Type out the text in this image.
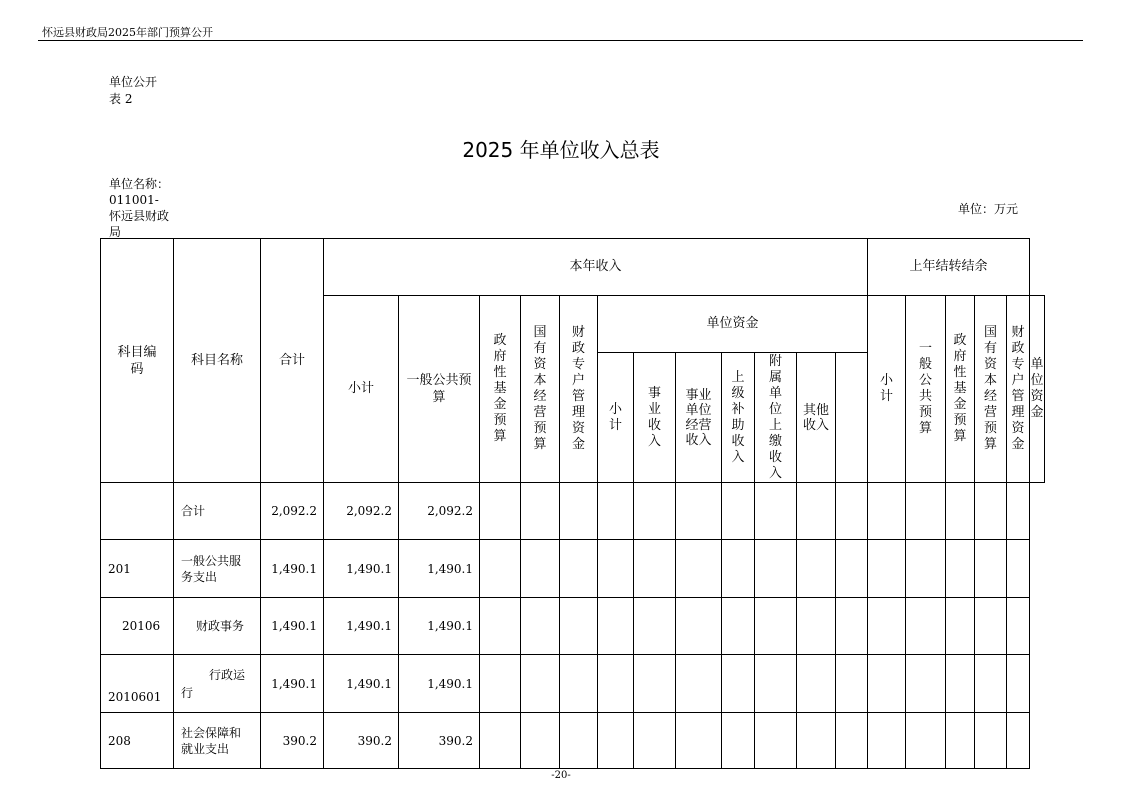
怀远县财政局2025年部门预算公开
单位公开
表 2
2025 年单位收入总表
单位名称：011001-怀远县财政局
单位：万元
科目编码	科目名称	合计	本年收入												上年结转结余					
			小计	一般公共预算	政府性基金预算	国有资本经营预算	财政专户管理资金	单位资金							小计	一般公共预算	政府性基金预算	国有资本经营预算	财政专户管理资金	单位资金

								小计	事业收入	事业单位经营收入	上级补助收入	附属单位上缴收入	其他收入							

	合计	2,092.2	2,092.2	2,092.2																
201	一般公共服务支出	1,490.1	1,490.1	1,490.1																
20106	财政事务	1,490.1	1,490.1	1,490.1																
2010601	行政运行	1,490.1	1,490.1	1,490.1																
208	社会保障和就业支出	390.2	390.2	390.2																
-20-
